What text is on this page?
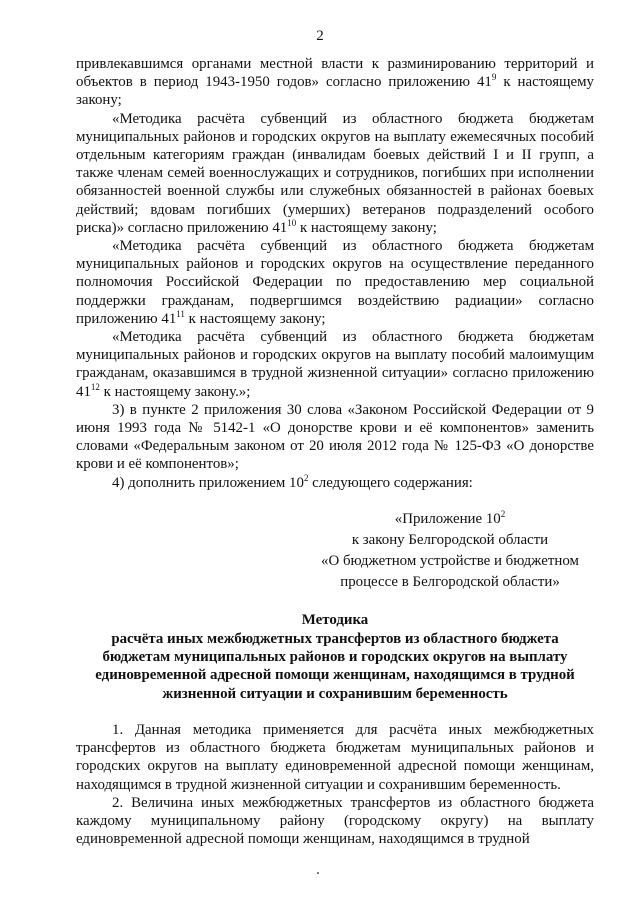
2

привлекавшимся органами местной власти к разминированию территорий и объектов в период 1943-1950 годов» согласно приложению $41^9$ к настоящему закону;

«Методика расчёта субвенций из областного бюджета бюджетам муниципальных районов и городских округов на выплату ежемесячных пособий отдельным категориям граждан (инвалидам боевых действий I и II групп, а также членам семей военнослужащих и сотрудников, погибших при исполнении обязанностей военной службы или служебных обязанностей в районах боевых действий; вдовам погибших (умерших) ветеранов подразделений особого риска)» согласно приложению $41^{10}$ к настоящему закону;

«Методика расчёта субвенций из областного бюджета бюджетам муниципальных районов и городских округов на осуществление переданного полномочия Российской Федерации по предоставлению мер социальной поддержки гражданам, подвергшимся воздействию радиации» согласно приложению $41^{11}$ к настоящему закону;

«Методика расчёта субвенций из областного бюджета бюджетам муниципальных районов и городских округов на выплату пособий малоимущим гражданам, оказавшимся в трудной жизненной ситуации» согласно приложению $41^{12}$ к настоящему закону.»;

3) в пункте 2 приложения 30 слова «Законом Российской Федерации от 9 июня 1993 года № 5142-1 «О донорстве крови и её компонентов» заменить словами «Федеральным законом от 20 июля 2012 года № 125-ФЗ «О донорстве крови и её компонентов»;

4) дополнить приложением $10^2$ следующего содержания:

«Приложение $10^2$
к закону Белгородской области
«О бюджетном устройстве и бюджетном
процессе в Белгородской области»
Методика
расчёта иных межбюджетных трансфертов из областного бюджета бюджетам муниципальных районов и городских округов на выплату единовременной адресной помощи женщинам, находящимся в трудной жизненной ситуации и сохранившим беременность

1. Данная методика применяется для расчёта иных межбюджетных трансфертов из областного бюджета бюджетам муниципальных районов и городских округов на выплату единовременной адресной помощи женщинам, находящимся в трудной жизненной ситуации и сохранившим беременность.

2. Величина иных межбюджетных трансфертов из областного бюджета каждому муниципальному району (городскому округу) на выплату единовременной адресной помощи женщинам, находящимся в трудной
